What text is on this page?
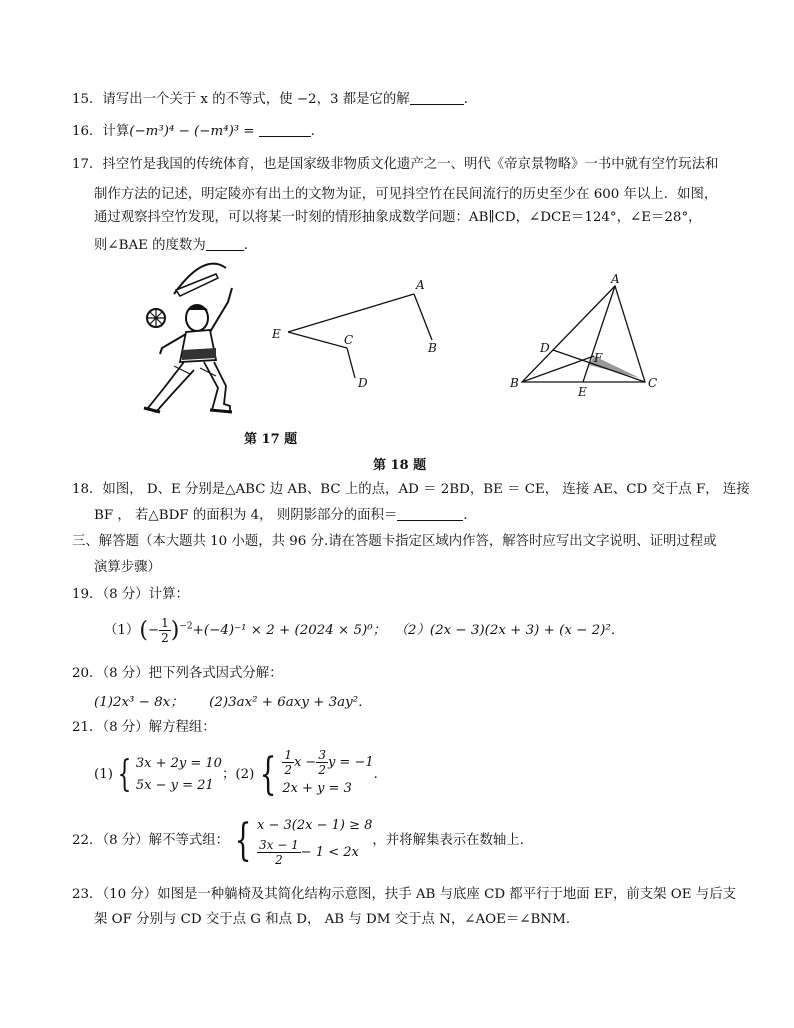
15．请写出一个关于 x 的不等式，使 −2，3 都是它的解	．
16．计算(−m³)⁴ − (−m⁴)³ =	．
17．抖空竹是我国的传统体育，也是国家级非物质文化遗产之一、明代《帝京景物略》一书中就有空竹玩法和
制作方法的记述，明定陵亦有出土的文物为证，可见抖空竹在民间流行的历史至少在 600 年以上．如图，
通过观察抖空竹发现，可以将某一时刻的情形抽象成数学问题：AB∥CD，∠DCE＝124°，∠E＝28°，
则∠BAE 的度数为	．
A
B
C
D
E
A
B	C
D
E
F
第 17 题
第 18 题
18．如图， D、E 分别是△ABC 边 AB、BC 上的点，AD ＝ 2BD，BE ＝ CE， 连接 AE、CD 交于点 F， 连接
BF ， 若△BDF 的面积为 4， 则阴影部分的面积＝	．
三、解答题（本大题共 10 小题，共 96 分.请在答题卡指定区域内作答，解答时应写出文字说明、证明过程或
演算步骤）
19．（8 分）计算：
$(1)(- \frac{1}{2} )^{-2}+(-4)^{-1} \times 2 + (2024 \times 5)^0$； （2）(2x − 3)(2x + 3) + (x − 2)²．
20．（8 分）把下列各式因式分解：
(1)2x³ − 8x； (2)3ax² + 6axy + 3ay²．
21．（8 分）解方程组：
(1) { 3x + 2y = 10
5x − y = 21
；(2) { $\frac{1}{2}$ $x - \frac{3}{2}$ y = −1
2x + y = 3
．
22．（8 分）解不等式组： { x − 3(2x − 1) ≥ 8
$\frac{3x - 1}{2} - 1 < 2x$
，并将解集表示在数轴上．
23．（10 分）如图是一种躺椅及其简化结构示意图，扶手 AB 与底座 CD 都平行于地面 EF，前支架 OE 与后支
架 OF 分别与 CD 交于点 G 和点 D， AB 与 DM 交于点 N，∠AOE＝∠BNM．
